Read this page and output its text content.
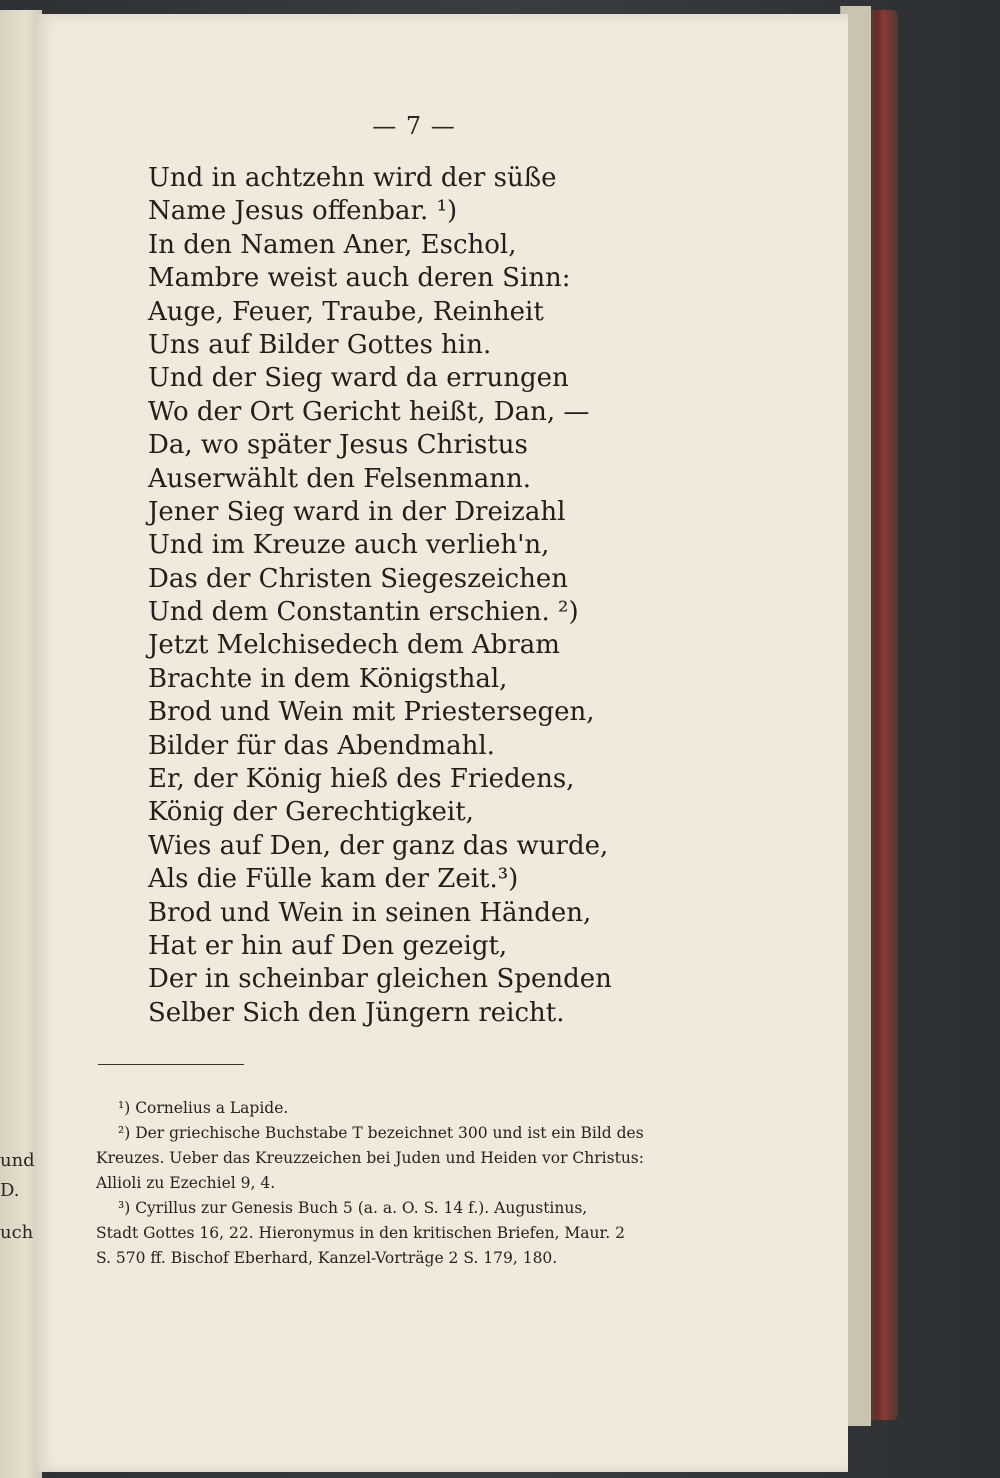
und
D.
uch
— 7 —
Und in achtzehn wird der süße
Name Jesus offenbar. ¹)
In den Namen Aner, Eschol,
Mambre weist auch deren Sinn:
Auge, Feuer, Traube, Reinheit
Uns auf Bilder Gottes hin.
Und der Sieg ward da errungen
Wo der Ort Gericht heißt, Dan, —
Da, wo später Jesus Christus
Auserwählt den Felsenmann.
Jener Sieg ward in der Dreizahl
Und im Kreuze auch verlieh'n,
Das der Christen Siegeszeichen
Und dem Constantin erschien. ²)
Jetzt Melchisedech dem Abram
Brachte in dem Königsthal,
Brod und Wein mit Priestersegen,
Bilder für das Abendmahl.
Er, der König hieß des Friedens,
König der Gerechtigkeit,
Wies auf Den, der ganz das wurde,
Als die Fülle kam der Zeit.³)
Brod und Wein in seinen Händen,
Hat er hin auf Den gezeigt,
Der in scheinbar gleichen Spenden
Selber Sich den Jüngern reicht.
¹) Cornelius a Lapide.
²) Der griechische Buchstabe T bezeichnet 300 und ist ein Bild des
Kreuzes. Ueber das Kreuzzeichen bei Juden und Heiden vor Christus:
Allioli zu Ezechiel 9, 4.
³) Cyrillus zur Genesis Buch 5 (a. a. O. S. 14 f.). Augustinus,
Stadt Gottes 16, 22. Hieronymus in den kritischen Briefen, Maur. 2
S. 570 ff. Bischof Eberhard, Kanzel-Vorträge 2 S. 179, 180.
